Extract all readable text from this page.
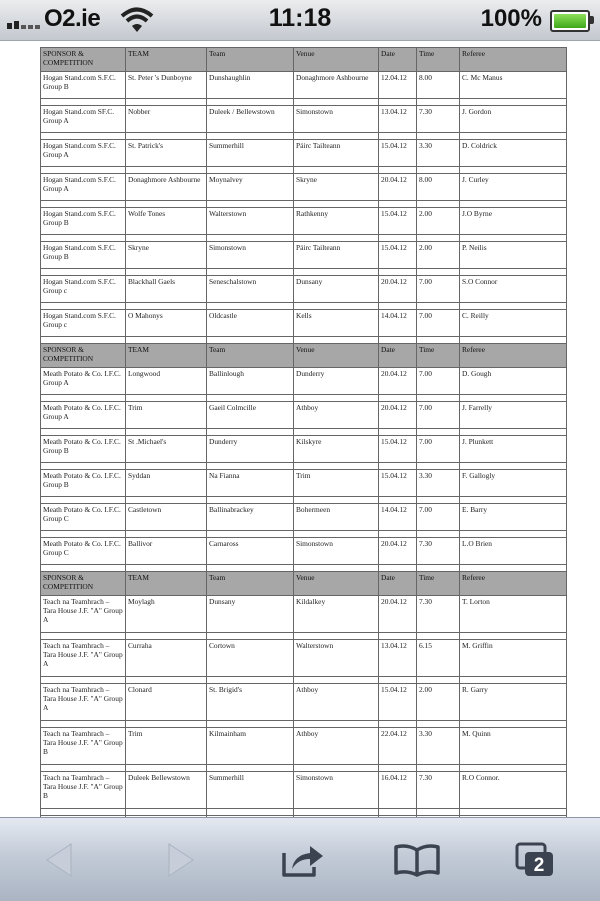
O2.ie	11:18	100%
SPONSOR & COMPETITION	TEAM	Team	Venue	Date	Time	Referee
Hogan Stand.com S.F.C. Group B	St. Peter 's Dunboyne	Dunshaughlin	Donaghmore Ashbourne	12.04.12	8.00	C. Mc Manus

Hogan Stand.com SF.C. Group A	Nobber	Duleek / Bellewstown	Simonstown	13.04.12	7.30	J. Gordon

Hogan Stand.com S.F.C. Group A	St. Patrick's	Summerhill	Páirc Tailteann	15.04.12	3.30	D. Coldrick

Hogan Stand.com S.F.C. Group A	Donaghmore Ashbourne	Moynalvey	Skryne	20.04.12	8.00	J. Curley

Hogan Stand.com S.F.C. Group B	Wolfe Tones	Walterstown	Rathkenny	15.04.12	2.00	J.O Byrne

Hogan Stand.com S.F.C. Group B	Skryne	Simonstown	Páirc Tailteann	15.04.12	2.00	P. Neilis

Hogan Stand.com S.F.C. Group c	Blackhall Gaels	Seneschalstown	Dunsany	20.04.12	7.00	S.O Connor

Hogan Stand.com S.F.C. Group c	O Mahonys	Oldcastle	Kells	14.04.12	7.00	C. Reilly

SPONSOR & COMPETITION	TEAM	Team	Venue	Date	Time	Referee
Meath Potato & Co. I.F.C. Group A	Longwood	Ballinlough	Dunderry	20.04.12	7.00	D. Gough

Meath Potato & Co. I.F.C. Group A	Trim	Gaeil Colmcille	Athboy	20.04.12	7.00	J. Farrelly

Meath Potato & Co. I.F.C. Group B	St .Michael's	Dunderry	Kilskyre	15.04.12	7.00	J. Plunkett

Meath Potato & Co. I.F.C. Group B	Syddan	Na Fianna	Trim	15.04.12	3.30	F. Gallogly

Meath Potato & Co. I.F.C. Group C	Castletown	Ballinabrackey	Bohermeen	14.04.12	7.00	E. Barry

Meath Potato & Co. I.F.C. Group C	Ballivor	Carnaross	Simonstown	20.04.12	7.30	L.O Brien

SPONSOR & COMPETITION	TEAM	Team	Venue	Date	Time	Referee
Teach na Teamhrach – Tara House J.F. "A" Group A	Moylagh	Dunsany	Kildalkey	20.04.12	7.30	T. Lorton

Teach na Teamhrach – Tara House J.F. "A" Group A	Curraha	Cortown	Walterstown	13.04.12	6.15	M. Griffin

Teach na Teamhrach – Tara House J.F. "A" Group A	Clonard	St. Brigid's	Athboy	15.04.12	2.00	R. Garry

Teach na Teamhrach – Tara House J.F. "A" Group B	Trim	Kilmainham	Athboy	22.04.12	3.30	M. Quinn

Teach na Teamhrach – Tara House J.F. "A" Group B	Duleek Bellewstown	Summerhill	Simonstown	16.04.12	7.30	R.O Connor.

2
